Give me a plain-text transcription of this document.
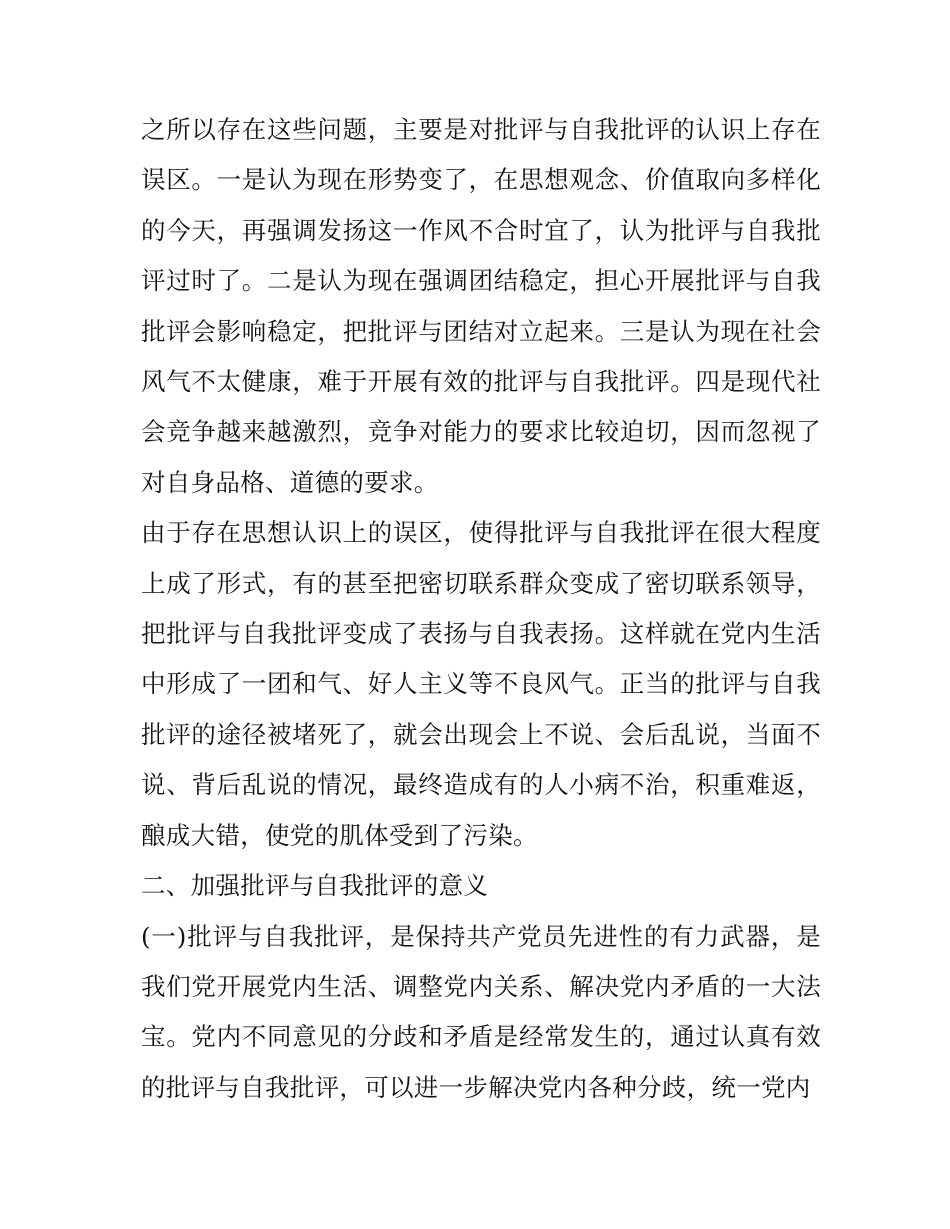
之所以存在这些问题，主要是对批评与自我批评的认识上存在误区。一是认为现在形势变了，在思想观念、价值取向多样化的今天，再强调发扬这一作风不合时宜了，认为批评与自我批评过时了。二是认为现在强调团结稳定，担心开展批评与自我批评会影响稳定，把批评与团结对立起来。三是认为现在社会风气不太健康，难于开展有效的批评与自我批评。四是现代社会竞争越来越激烈，竞争对能力的要求比较迫切，因而忽视了对自身品格、道德的要求。

由于存在思想认识上的误区，使得批评与自我批评在很大程度上成了形式，有的甚至把密切联系群众变成了密切联系领导，把批评与自我批评变成了表扬与自我表扬。这样就在党内生活中形成了一团和气、好人主义等不良风气。正当的批评与自我批评的途径被堵死了，就会出现会上不说、会后乱说，当面不说、背后乱说的情况，最终造成有的人小病不治，积重难返，酿成大错，使党的肌体受到了污染。

二、加强批评与自我批评的意义

(一)批评与自我批评，是保持共产党员先进性的有力武器，是我们党开展党内生活、调整党内关系、解决党内矛盾的一大法宝。党内不同意见的分歧和矛盾是经常发生的，通过认真有效的批评与自我批评，可以进一步解决党内各种分歧，统一党内
